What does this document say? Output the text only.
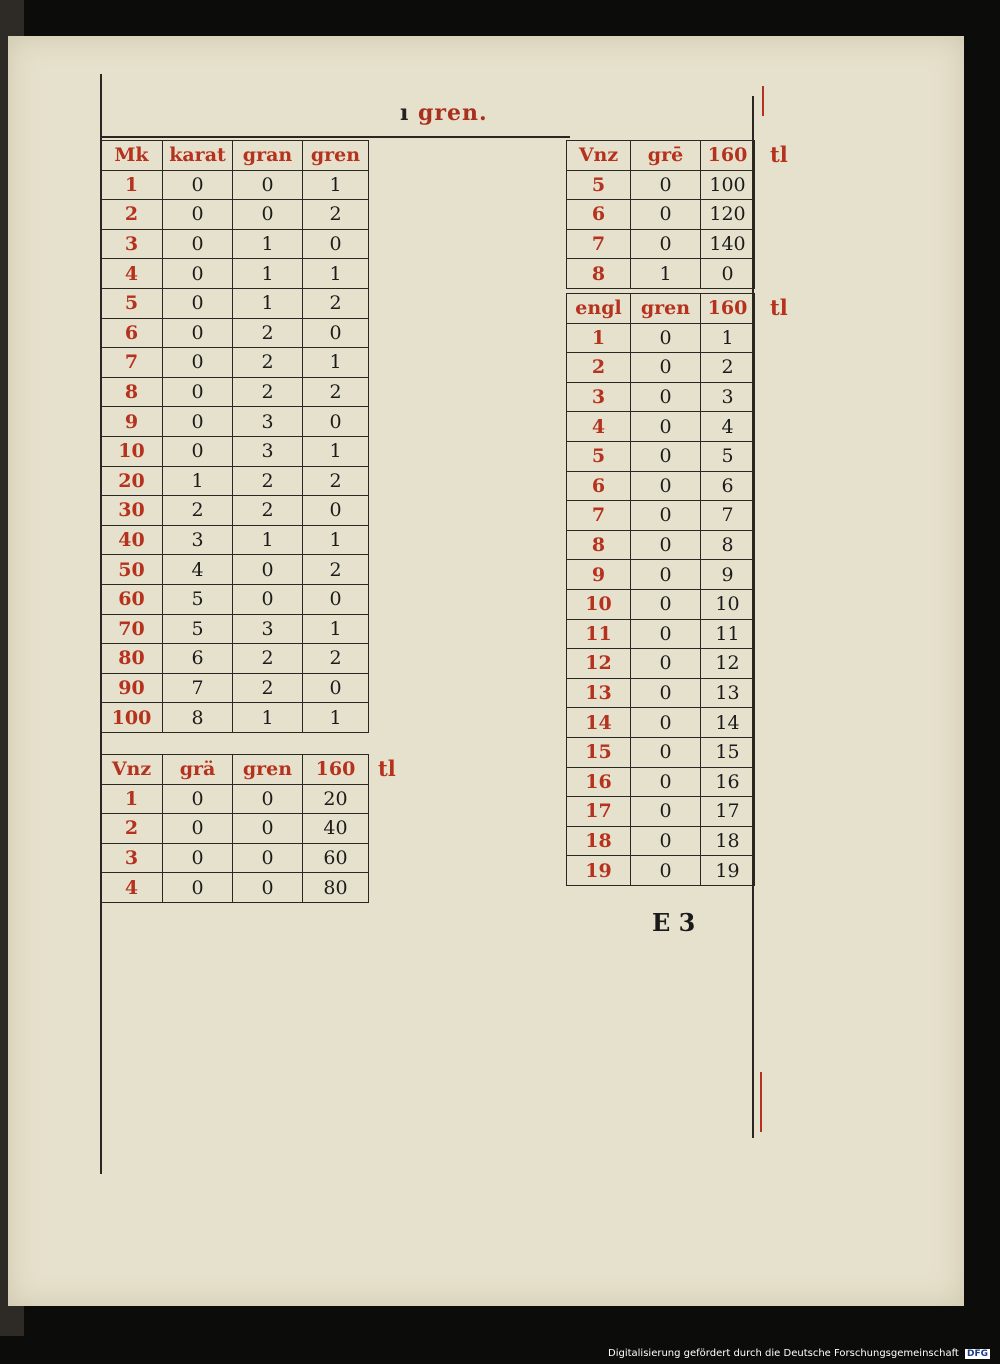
ı gren.
Mk	karat	gran	gren
1	0	0	1
2	0	0	2
3	0	1	0
4	0	1	1
5	0	1	2
6	0	2	0
7	0	2	1
8	0	2	2
9	0	3	0
10	0	3	1
20	1	2	2
30	2	2	0
40	3	1	1
50	4	0	2
60	5	0	0
70	5	3	1
80	6	2	2
90	7	2	0
100	8	1	1
Vnz	grä	gren	160
1	0	0	20
2	0	0	40
3	0	0	60
4	0	0	80
tl
Vnz	grē	160
5	0	100
6	0	120
7	0	140
8	1	0
tl
engl	gren	160
1	0	1
2	0	2
3	0	3
4	0	4
5	0	5
6	0	6
7	0	7
8	0	8
9	0	9
10	0	10
11	0	11
12	0	12
13	0	13
14	0	14
15	0	15
16	0	16
17	0	17
18	0	18
19	0	19
tl
E 3
Digitalisierung gefördert durch die Deutsche Forschungsgemeinschaft DFG
